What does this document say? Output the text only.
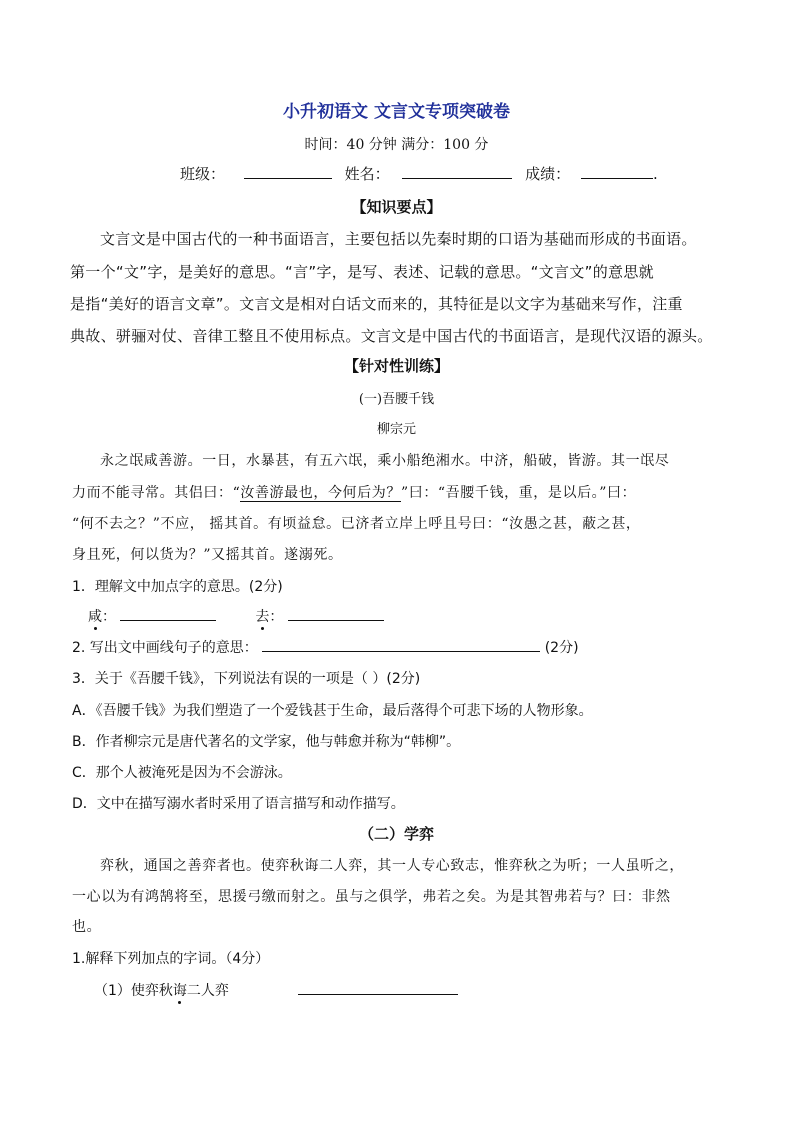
小升初语文 文言文专项突破卷
时间：40 分钟 满分：100 分
班级：	姓名：	成绩：	.
【知识要点】
文言文是中国古代的一种书面语言，主要包括以先秦时期的口语为基础而形成的书面语。
第一个“文”字，是美好的意思。“言”字，是写、表述、记载的意思。“文言文”的意思就
是指“美好的语言文章”。文言文是相对白话文而来的，其特征是以文字为基础来写作，注重
典故、骈骊对仗、音律工整且不使用标点。文言文是中国古代的书面语言，是现代汉语的源头。
【针对性训练】
(一)吾腰千钱
柳宗元
永之氓咸善游。一日，水暴甚，有五六氓，乘小船绝湘水。中济，船破，皆游。其一氓尽
力而不能寻常。其侣曰：“汝善游最也，今何后为？”曰：“吾腰千钱，重，是以后。”曰：
“何不去之？”不应， 摇其首。有顷益怠。已济者立岸上呼且号曰：“汝愚之甚，蔽之甚，
身且死，何以货为？”又摇其首。遂溺死。
1．理解文中加点字的意思。(2分)
咸：	去：
2. 写出文中画线句子的意思：	(2分)
3．关于《吾腰千钱》，下列说法有误的一项是（ ）(2分)
A．《吾腰千钱》为我们塑造了一个爱钱甚于生命，最后落得个可悲下场的人物形象。
B．作者柳宗元是唐代著名的文学家，他与韩愈并称为“韩柳”。
C．那个人被淹死是因为不会游泳。
D．文中在描写溺水者时采用了语言描写和动作描写。
（二）学弈
弈秋，通国之善弈者也。使弈秋诲二人弈，其一人专心致志，惟弈秋之为听；一人虽听之，
一心以为有鸿鹄将至，思援弓缴而射之。虽与之俱学，弗若之矣。为是其智弗若与？曰：非然
也。
1.解释下列加点的字词。（4分）
（1）使弈秋诲二人弈
